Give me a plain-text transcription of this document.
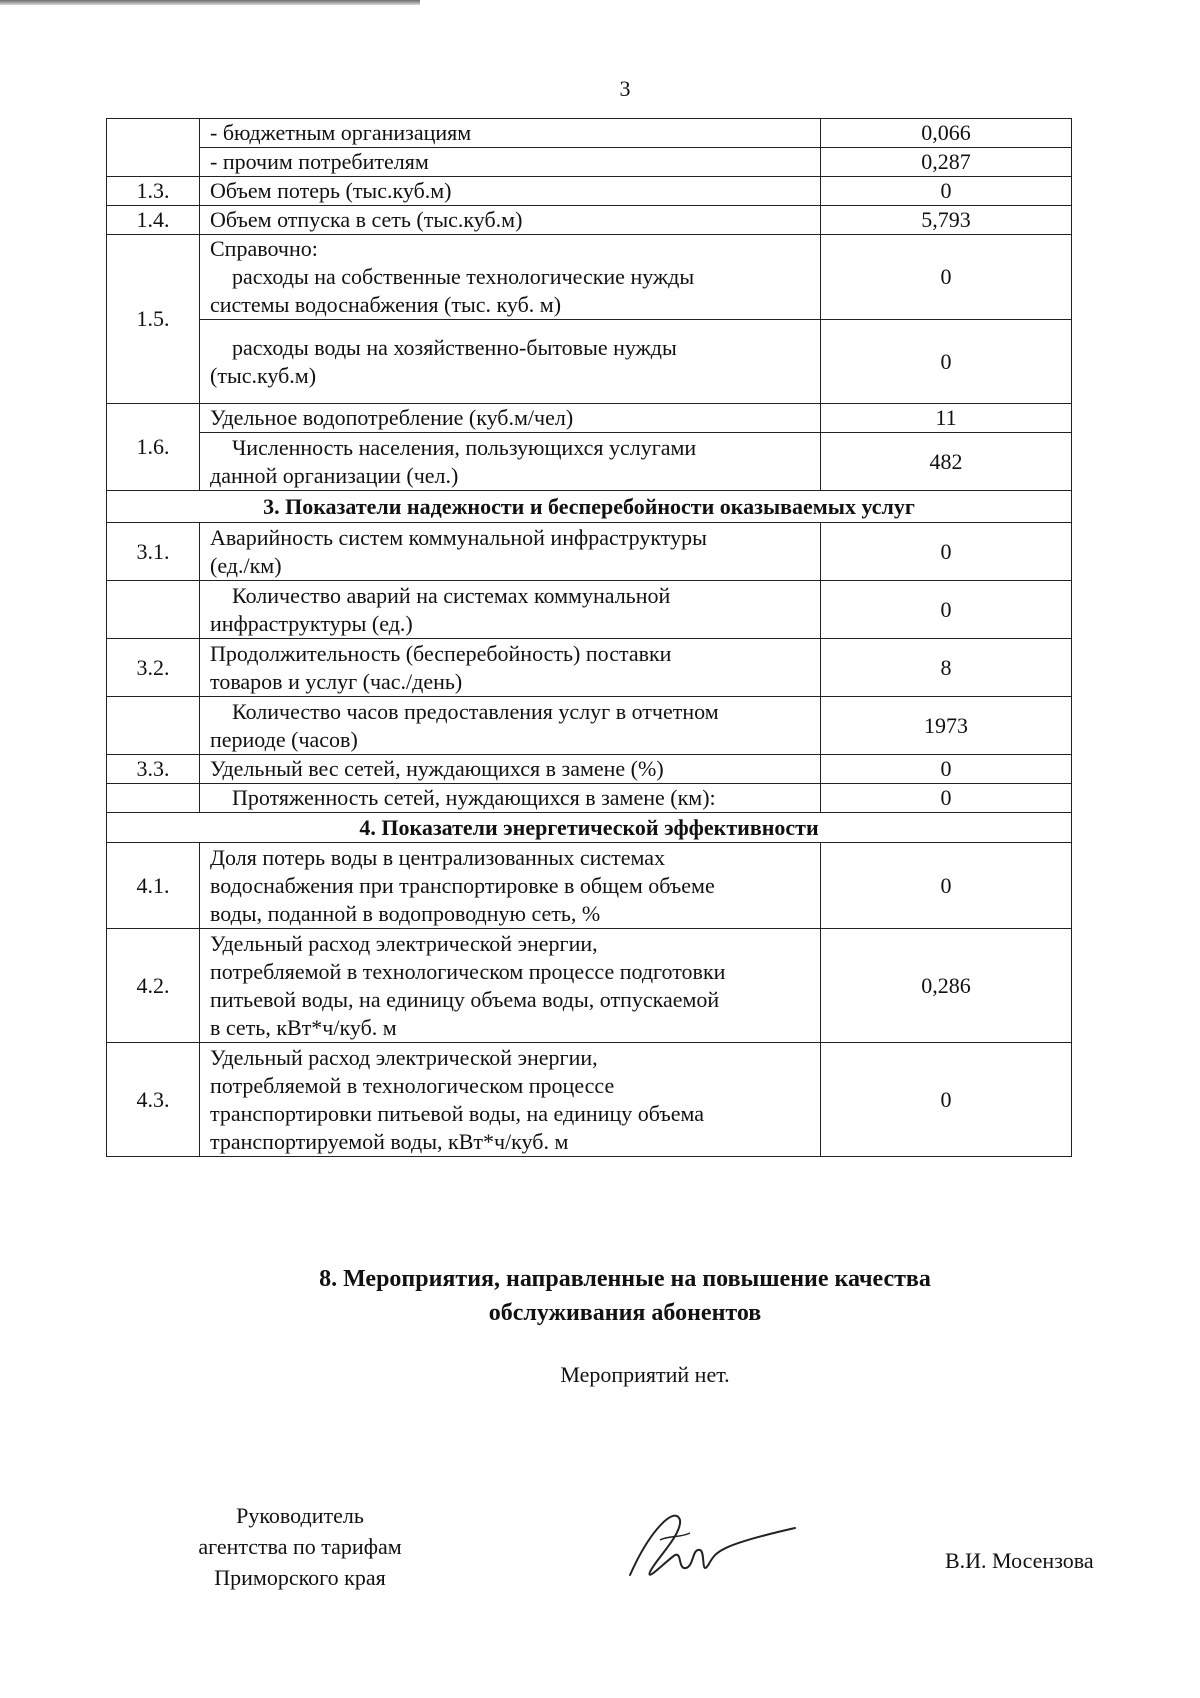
3
	- бюджетным организациям	0,066
	- прочим потребителям	0,287
1.3.	Объем потерь (тыс.куб.м)	0
1.4.	Объем отпуска в сеть (тыс.куб.м)	5,793
1.5.	Справочно:
расходы на собственные технологические нужды
системы водоснабжения (тыс. куб. м)	0

	расходы воды на хозяйственно-бытовые нужды
(тыс.куб.м)	0
1.6.	Удельное водопотребление (куб.м/чел)	11

	Численность населения, пользующихся услугами
данной организации (чел.)	482
3. Показатели надежности и бесперебойности оказываемых услуг		
3.1.	Аварийность систем коммунальной инфраструктуры
(ед./км)	0

	Количество аварий на системах коммунальной
инфраструктуры (ед.)	0
3.2.	Продолжительность (бесперебойность) поставки
товаров и услуг (час./день)	8

	Количество часов предоставления услуг в отчетном
периоде (часов)	1973
3.3.	Удельный вес сетей, нуждающихся в замене (%)	0

	Протяженность сетей, нуждающихся в замене (км):	0
4. Показатели энергетической эффективности		
4.1.	Доля потерь воды в централизованных системах
водоснабжения при транспортировке в общем объеме
воды, поданной в водопроводную сеть, %	0
4.2.	Удельный расход электрической энергии,
потребляемой в технологическом процессе подготовки
питьевой воды, на единицу объема воды, отпускаемой
в сеть, кВт*ч/куб. м	0,286
4.3.	Удельный расход электрической энергии,
потребляемой в технологическом процессе
транспортировки питьевой воды, на единицу объема
транспортируемой воды, кВт*ч/куб. м	0
8. Мероприятия, направленные на повышение качества
обслуживания абонентов
Мероприятий нет.
Руководитель
агентства по тарифам
Приморского края
В.И. Мосензова
